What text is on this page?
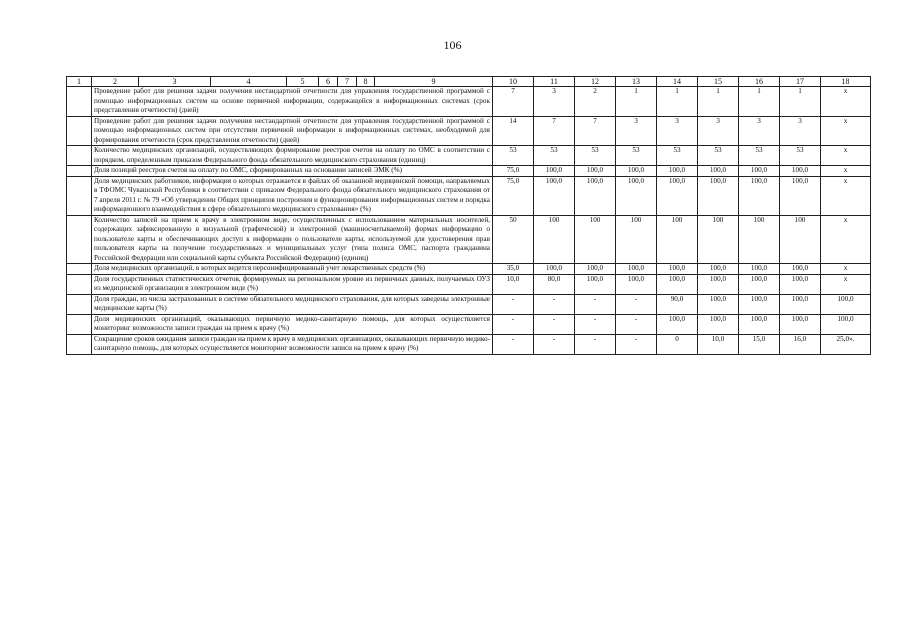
106
1	2	3	4	5	6	7	8	9	10	11	12	13	14	15	16	17	18
	Проведение работ для решения задачи получения нестандартной отчетности для управления государственной программой с помощью информационных систем на основе первичной информации, содержащейся в информационных системах (срок представления отчетности) (дней)								7	3	2	1	1	1	1	1	х
	Проведение работ для решения задачи получения нестандартной отчетности для управления государственной программой с помощью информационных систем при отсутствии первичной информации в информационных системах, необходимой для формирования отчетности (срок представления отчетности) (дней)								14	7	7	3	3	3	3	3	х
	Количество медицинских организаций, осуществляющих формирование реестров счетов на оплату по ОМС в соответствии с порядком, определенным приказом Федерального фонда обязательного медицинского страхования (единиц)								53	53	53	53	53	53	53	53	х
	Доля позиций реестров счетов на оплату по ОМС, сформированных на основании записей ЭМК (%)								75,0	100,0	100,0	100,0	100,0	100,0	100,0	100,0	х
	Доля медицинских работников, информация о которых отражается в файлах об оказанной медицинской помощи, направляемых в ТФОМС Чувашской Республики в соответствии с приказом Федерального фонда обязательного медицинского страхования от 7 апреля 2011 г. № 79 «Об утверждении Общих принципов построения и функционирования информационных систем и порядка информационного взаимодействия в сфере обязательного медицинского страхования» (%)								75,0	100,0	100,0	100,0	100,0	100,0	100,0	100,0	х
	Количество записей на прием к врачу в электронном виде, осуществленных с использованием материальных носителей, содержащих зафиксированную в визуальной (графической) и электронной (машиносчитываемой) формах информацию о пользователе карты и обеспечивающих доступ к информации о пользователе карты, используемой для удостоверения прав пользователя карты на получение государственных и муниципальных услуг (типа полиса ОМС, паспорта гражданина Российской Федерации или социальной карты субъекта Российской Федерации) (единиц)								50	100	100	100	100	100	100	100	х
	Доля медицинских организаций, в которых ведется персонифицированный учет лекарственных средств (%)								35,0	100,0	100,0	100,0	100,0	100,0	100,0	100,0	х
	Доля государственных статистических отчетов, формируемых на региональном уровне из первичных данных, получаемых ОУЗ из медицинской организации в электронном виде (%)								10,0	80,0	100,0	100,0	100,0	100,0	100,0	100,0	х
	Доля граждан, из числа застрахованных в системе обязательного медицинского страхования, для которых заведены электронные медицинские карты (%)								-	-	-	-	90,0	100,0	100,0	100,0	100,0
	Доля медицинских организаций, оказывающих первичную медико-санитарную помощь, для которых осуществляется мониторинг возможности записи граждан на прием к врачу (%)								-	-	-	-	100,0	100,0	100,0	100,0	100,0
	Сокращение сроков ожидания записи граждан на прием к врачу в медицинских организациях, оказывающих первичную медико-санитарную помощь, для которых осуществляется мониторинг возможности записи на прием к врачу (%)								-	-	-	-	0	10,0	15,0	16,0	25,0».
